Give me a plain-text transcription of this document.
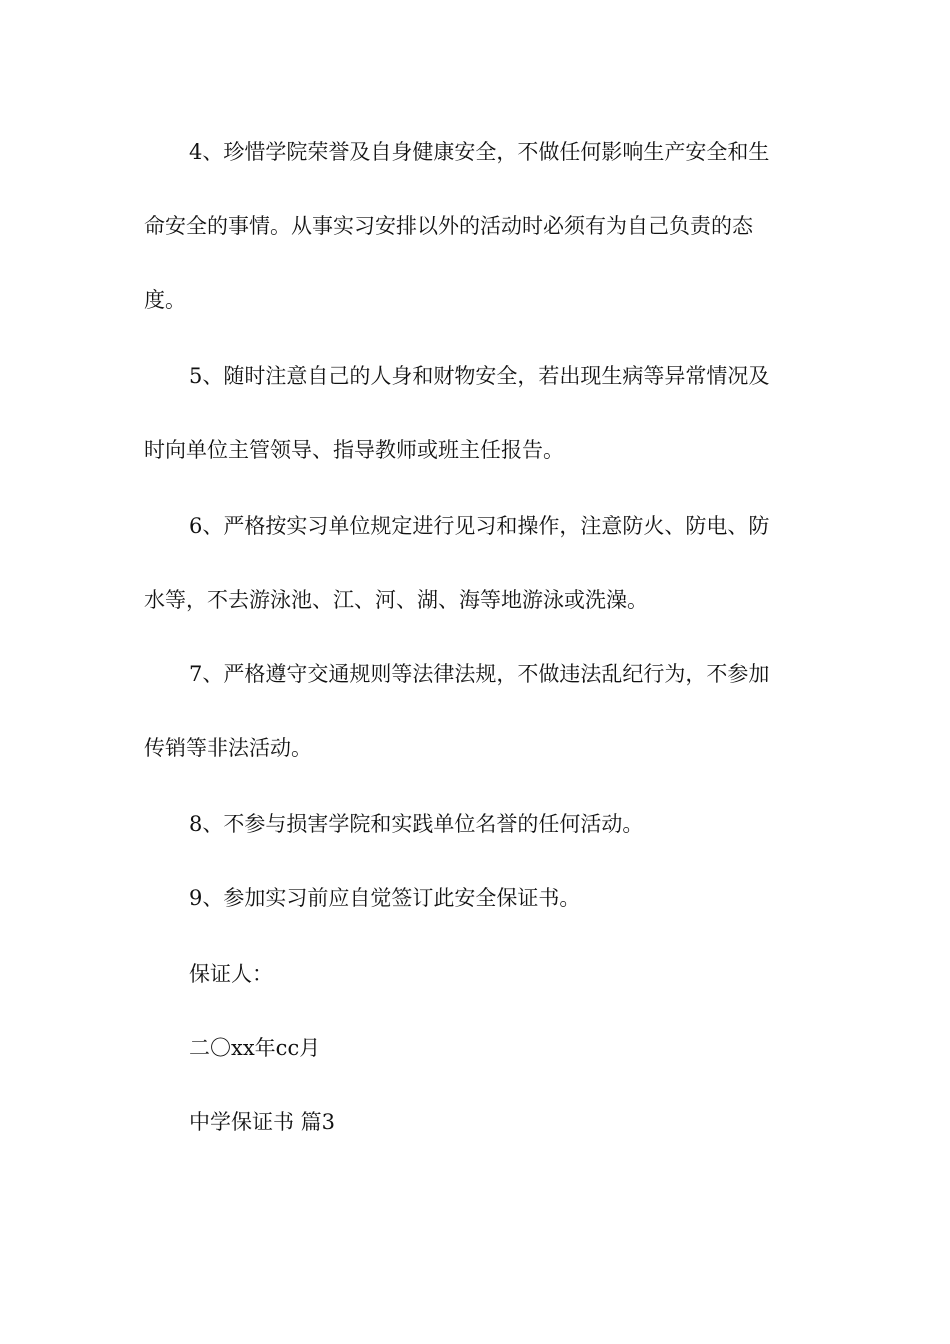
4、珍惜学院荣誉及自身健康安全，不做任何影响生产安全和生
命安全的事情。从事实习安排以外的活动时必须有为自己负责的态
度。
5、随时注意自己的人身和财物安全，若出现生病等异常情况及
时向单位主管领导、指导教师或班主任报告。
6、严格按实习单位规定进行见习和操作，注意防火、防电、防
水等，不去游泳池、江、河、湖、海等地游泳或洗澡。
7、严格遵守交通规则等法律法规，不做违法乱纪行为，不参加
传销等非法活动。
8、不参与损害学院和实践单位名誉的任何活动。
9、参加实习前应自觉签订此安全保证书。
保证人：
二〇xx年cc月
中学保证书 篇3
